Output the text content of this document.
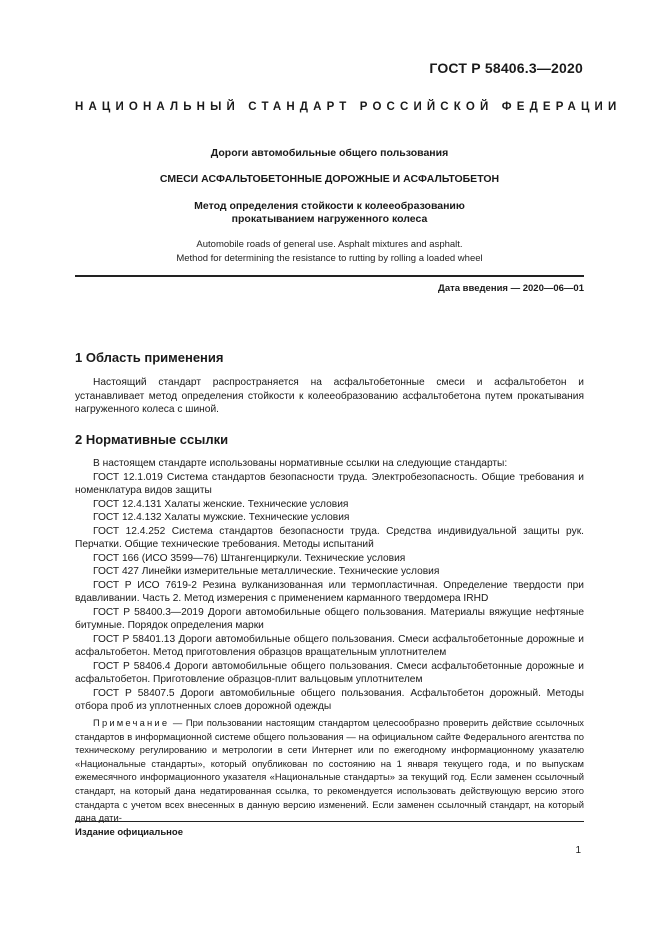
ГОСТ Р 58406.3—2020
НАЦИОНАЛЬНЫЙ СТАНДАРТ РОССИЙСКОЙ ФЕДЕРАЦИИ
Дороги автомобильные общего пользования
СМЕСИ АСФАЛЬТОБЕТОННЫЕ ДОРОЖНЫЕ И АСФАЛЬТОБЕТОН
Метод определения стойкости к колееобразованию
прокатыванием нагруженного колеса
Automobile roads of general use. Asphalt mixtures and asphalt.
Method for determining the resistance to rutting by rolling a loaded wheel
Дата введения — 2020—06—01
1 Область применения

Настоящий стандарт распространяется на асфальтобетонные смеси и асфальтобетон и устанавливает метод определения стойкости к колееобразованию асфальтобетона путем прокатывания нагруженного колеса с шиной.

2 Нормативные ссылки

В настоящем стандарте использованы нормативные ссылки на следующие стандарты:

ГОСТ 12.1.019 Система стандартов безопасности труда. Электробезопасность. Общие требования и номенклатура видов защиты

ГОСТ 12.4.131 Халаты женские. Технические условия

ГОСТ 12.4.132 Халаты мужские. Технические условия

ГОСТ 12.4.252 Система стандартов безопасности труда. Средства индивидуальной защиты рук. Перчатки. Общие технические требования. Методы испытаний

ГОСТ 166 (ИСО 3599—76) Штангенциркули. Технические условия

ГОСТ 427 Линейки измерительные металлические. Технические условия

ГОСТ Р ИСО 7619-2 Резина вулканизованная или термопластичная. Определение твердости при вдавливании. Часть 2. Метод измерения с применением карманного твердомера IRHD

ГОСТ Р 58400.3—2019 Дороги автомобильные общего пользования. Материалы вяжущие нефтяные битумные. Порядок определения марки

ГОСТ Р 58401.13 Дороги автомобильные общего пользования. Смеси асфальтобетонные дорожные и асфальтобетон. Метод приготовления образцов вращательным уплотнителем

ГОСТ Р 58406.4 Дороги автомобильные общего пользования. Смеси асфальтобетонные дорожные и асфальтобетон. Приготовление образцов-плит вальцовым уплотнителем

ГОСТ Р 58407.5 Дороги автомобильные общего пользования. Асфальтобетон дорожный. Методы отбора проб из уплотненных слоев дорожной одежды

Примечание — При пользовании настоящим стандартом целесообразно проверить действие ссылочных стандартов в информационной системе общего пользования — на официальном сайте Федерального агентства по техническому регулированию и метрологии в сети Интернет или по ежегодному информационному указателю «Национальные стандарты», который опубликован по состоянию на 1 января текущего года, и по выпускам ежемесячного информационного указателя «Национальные стандарты» за текущий год. Если заменен ссылочный стандарт, на который дана недатированная ссылка, то рекомендуется использовать действующую версию этого стандарта с учетом всех внесенных в данную версию изменений. Если заменен ссылочный стандарт, на который дана дати-

Издание официальное
1
